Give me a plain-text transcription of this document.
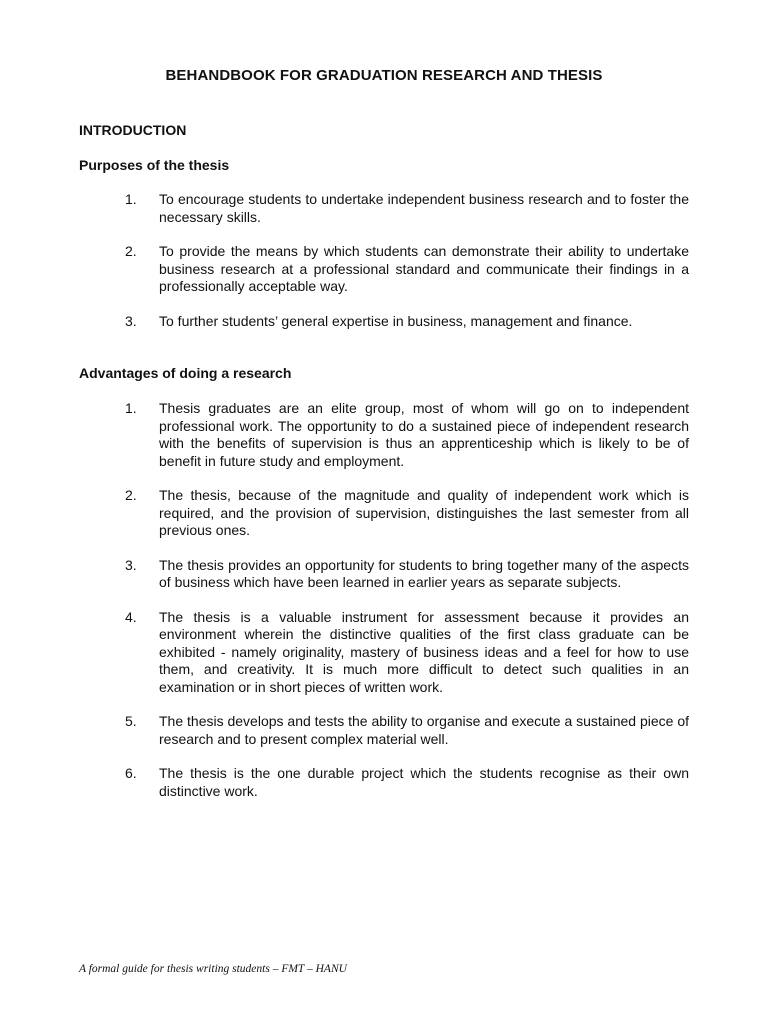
BEHANDBOOK FOR GRADUATION RESEARCH AND THESIS
INTRODUCTION
Purposes of the thesis
1. To encourage students to undertake independent business research and to foster the necessary skills.
2. To provide the means by which students can demonstrate their ability to undertake business research at a professional standard and communicate their findings in a professionally acceptable way.
3. To further students’ general expertise in business, management and finance.
Advantages of doing a research
1. Thesis graduates are an elite group, most of whom will go on to independent professional work. The opportunity to do a sustained piece of independent research with the benefits of supervision is thus an apprenticeship which is likely to be of benefit in future study and employment.
2. The thesis, because of the magnitude and quality of independent work which is required, and the provision of supervision, distinguishes the last semester from all previous ones.
3. The thesis provides an opportunity for students to bring together many of the aspects of business which have been learned in earlier years as separate subjects.
4. The thesis is a valuable instrument for assessment because it provides an environment wherein the distinctive qualities of the first class graduate can be exhibited - namely originality, mastery of business ideas and a feel for how to use them, and creativity. It is much more difficult to detect such qualities in an examination or in short pieces of written work.
5. The thesis develops and tests the ability to organise and execute a sustained piece of research and to present complex material well.
6. The thesis is the one durable project which the students recognise as their own distinctive work.
A formal guide for thesis writing students – FMT – HANU
